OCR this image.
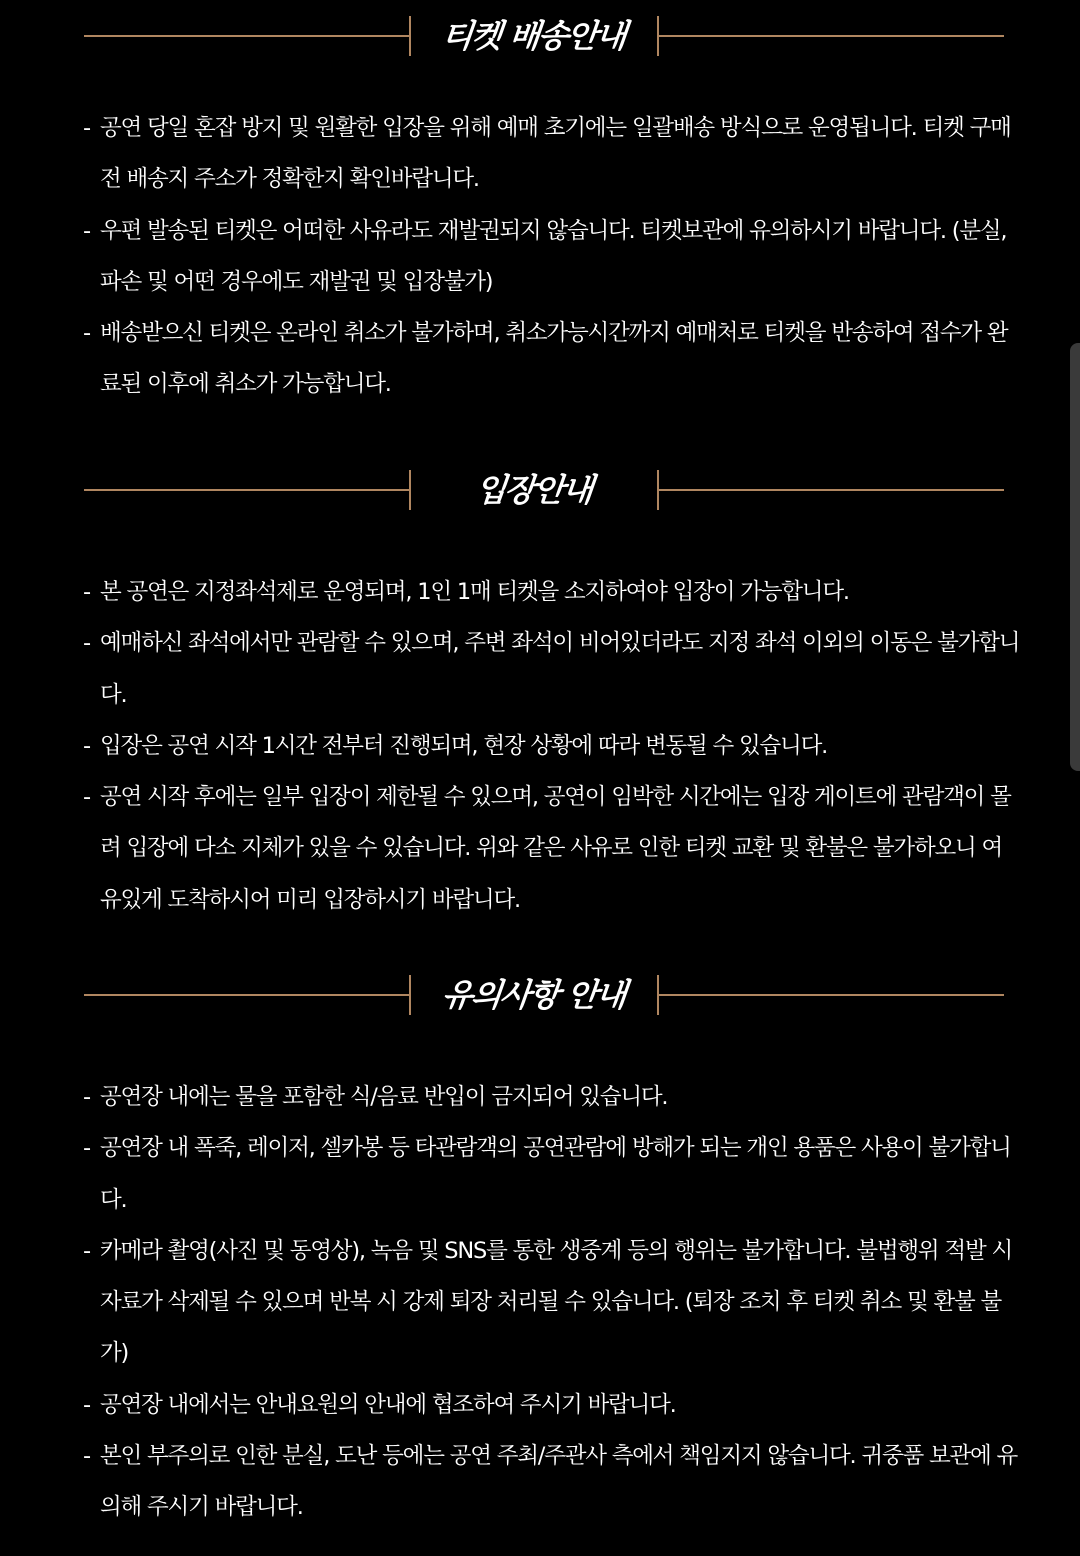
티켓 배송안내
- 공연 당일 혼잡 방지 및 원활한 입장을 위해 예매 초기에는 일괄배송 방식으로 운영됩니다. 티켓 구매 전 배송지 주소가 정확한지 확인바랍니다.
- 우편 발송된 티켓은 어떠한 사유라도 재발권되지 않습니다. 티켓보관에 유의하시기 바랍니다. (분실, 파손 및 어떤 경우에도 재발권 및 입장불가)
- 배송받으신 티켓은 온라인 취소가 불가하며, 취소가능시간까지 예매처로 티켓을 반송하여 접수가 완료된 이후에 취소가 가능합니다.
입장안내
- 본 공연은 지정좌석제로 운영되며, 1인 1매 티켓을 소지하여야 입장이 가능합니다.
- 예매하신 좌석에서만 관람할 수 있으며, 주변 좌석이 비어있더라도 지정 좌석 이외의 이동은 불가합니다.
- 입장은 공연 시작 1시간 전부터 진행되며, 현장 상황에 따라 변동될 수 있습니다.
- 공연 시작 후에는 일부 입장이 제한될 수 있으며, 공연이 임박한 시간에는 입장 게이트에 관람객이 몰려 입장에 다소 지체가 있을 수 있습니다. 위와 같은 사유로 인한 티켓 교환 및 환불은 불가하오니 여유있게 도착하시어 미리 입장하시기 바랍니다.
유의사항 안내
- 공연장 내에는 물을 포함한 식/음료 반입이 금지되어 있습니다.
- 공연장 내 폭죽, 레이저, 셀카봉 등 타관람객의 공연관람에 방해가 되는 개인 용품은 사용이 불가합니다.
- 카메라 촬영(사진 및 동영상), 녹음 및 SNS를 통한 생중계 등의 행위는 불가합니다. 불법행위 적발 시 자료가 삭제될 수 있으며 반복 시 강제 퇴장 처리될 수 있습니다. (퇴장 조치 후 티켓 취소 및 환불 불가)
- 공연장 내에서는 안내요원의 안내에 협조하여 주시기 바랍니다.
- 본인 부주의로 인한 분실, 도난 등에는 공연 주최/주관사 측에서 책임지지 않습니다. 귀중품 보관에 유의해 주시기 바랍니다.
